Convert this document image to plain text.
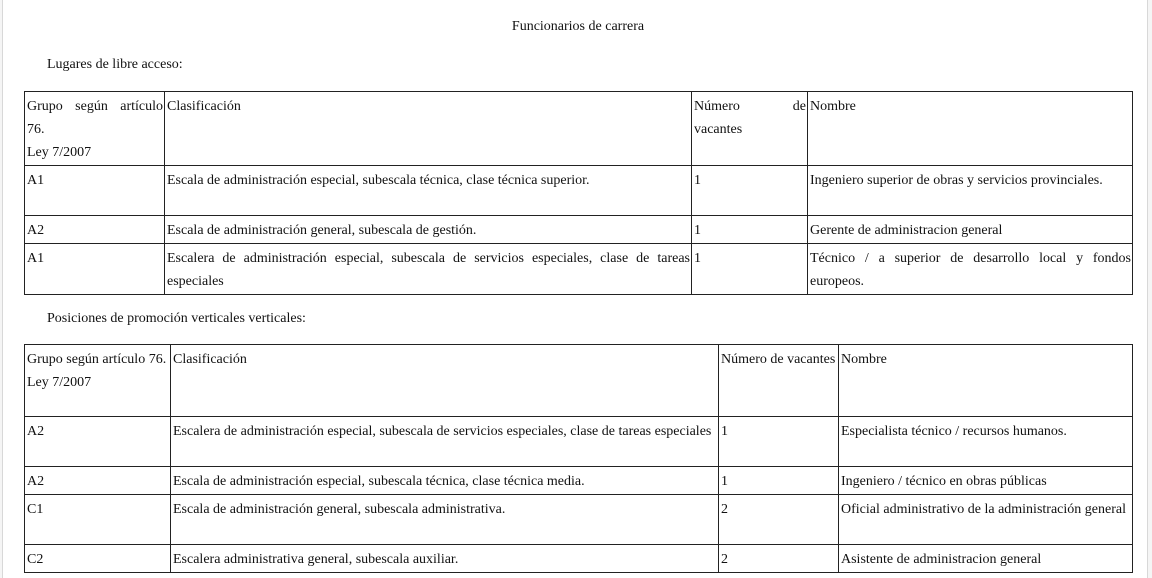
Funcionarios de carrera
Lugares de libre acceso:
Grupo según artículo 76.
Ley 7/2007	Clasificación	Número de vacantes	Nombre
A1	Escala de administración especial, subescala técnica, clase técnica superior.	1	Ingeniero superior de obras y servicios provinciales.
A2	Escala de administración general, subescala de gestión.	1	Gerente de administracion general
A1	Escalera de administración especial, subescala de servicios especiales, clase de tareas especiales	1	Técnico / a superior de desarrollo local y fondos europeos.
Posiciones de promoción verticales verticales:
Grupo según artículo 76.
Ley 7/2007	Clasificación	Número de vacantes	Nombre
A2	Escalera de administración especial, subescala de servicios especiales, clase de tareas especiales	1	Especialista técnico / recursos humanos.
A2	Escala de administración especial, subescala técnica, clase técnica media.	1	Ingeniero / técnico en obras públicas
C1	Escala de administración general, subescala administrativa.	2	Oficial administrativo de la administración general
C2	Escalera administrativa general, subescala auxiliar.	2	Asistente de administracion general
